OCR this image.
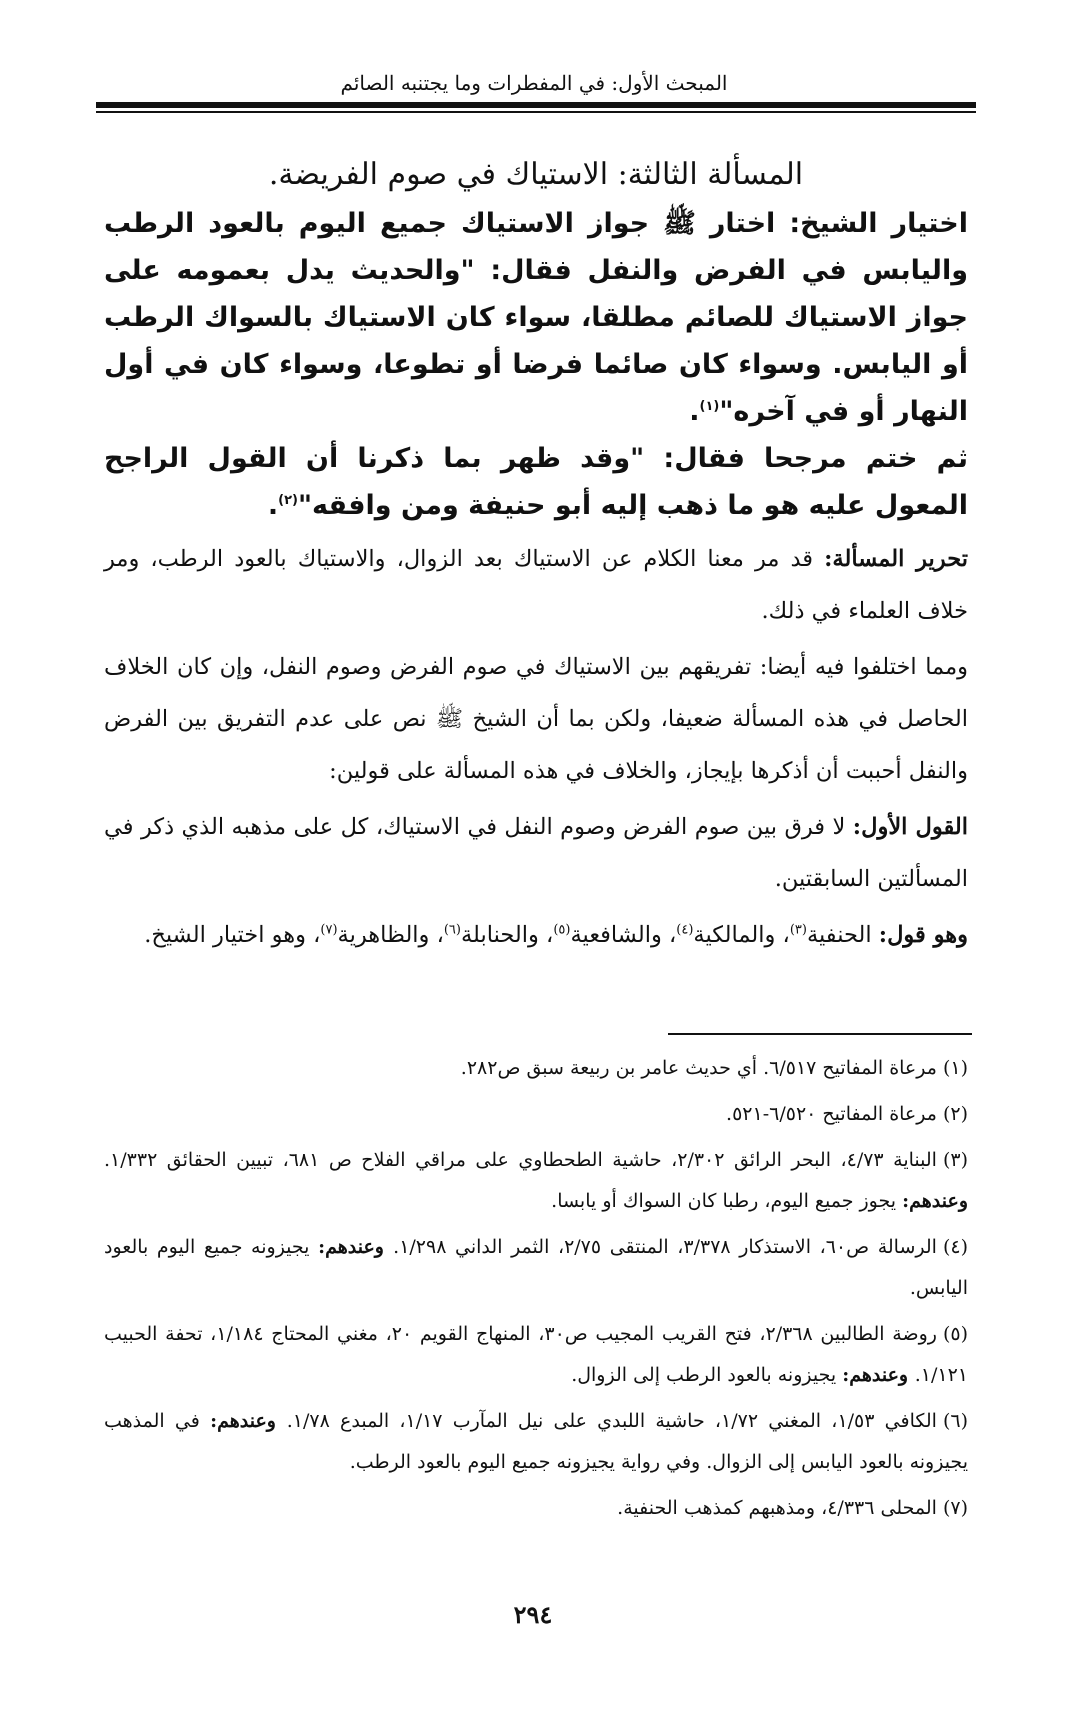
المبحث الأول: في المفطرات وما يجتنبه الصائم

المسألة الثالثة: الاستياك في صوم الفريضة.

اختيار الشيخ: اختار ﷺ جواز الاستياك جميع اليوم بالعود الرطب واليابس في الفرض والنفل فقال: "والحديث يدل بعمومه على جواز الاستياك للصائم مطلقا، سواء كان الاستياك بالسواك الرطب أو اليابس. وسواء كان صائما فرضا أو تطوعا، وسواء كان في أول النهار أو في آخره"$^{(١)}$.

ثم ختم مرجحا فقال: "وقد ظهر بما ذكرنا أن القول الراجح المعول عليه هو ما ذهب إليه أبو حنيفة ومن وافقه"$^{(٢)}$.

تحرير المسألة: قد مر معنا الكلام عن الاستياك بعد الزوال، والاستياك بالعود الرطب، ومر خلاف العلماء في ذلك.

ومما اختلفوا فيه أيضا: تفريقهم بين الاستياك في صوم الفرض وصوم النفل، وإن كان الخلاف الحاصل في هذه المسألة ضعيفا، ولكن بما أن الشيخ ﷺ نص على عدم التفريق بين الفرض والنفل أحببت أن أذكرها بإيجاز، والخلاف في هذه المسألة على قولين:

القول الأول: لا فرق بين صوم الفرض وصوم النفل في الاستياك، كل على مذهبه الذي ذكر في المسألتين السابقتين.

وهو قول: الحنفية$^{(٣)}$، والمالكية$^{(٤)}$، والشافعية$^{(٥)}$، والحنابلة$^{(٦)}$، والظاهرية$^{(٧)}$، وهو اختيار الشيخ.

(١)مرعاة المفاتيح ٦/٥١٧. أي حديث عامر بن ربيعة سبق ص٢٨٢.

(٢)مرعاة المفاتيح ٦/٥٢٠-٥٢١.

(٣)البناية ٤/٧٣، البحر الرائق ٢/٣٠٢، حاشية الطحطاوي على مراقي الفلاح ص ٦٨١، تبيين الحقائق ١/٣٣٢. وعندهم: يجوز جميع اليوم، رطبا كان السواك أو يابسا.

(٤)الرسالة ص٦٠، الاستذكار ٣/٣٧٨، المنتقى ٢/٧٥، الثمر الداني ١/٢٩٨. وعندهم: يجيزونه جميع اليوم بالعود اليابس.

(٥)روضة الطالبين ٢/٣٦٨، فتح القريب المجيب ص٣٠، المنهاج القويم ٢٠، مغني المحتاج ١/١٨٤، تحفة الحبيب ١/١٢١. وعندهم: يجيزونه بالعود الرطب إلى الزوال.

(٦)الكافي ١/٥٣، المغني ١/٧٢، حاشية اللبدي على نيل المآرب ١/١٧، المبدع ١/٧٨. وعندهم: في المذهب يجيزونه بالعود اليابس إلى الزوال. وفي رواية يجيزونه جميع اليوم بالعود الرطب.

(٧)المحلى ٤/٣٣٦، ومذهبهم كمذهب الحنفية.

٢٩٤
